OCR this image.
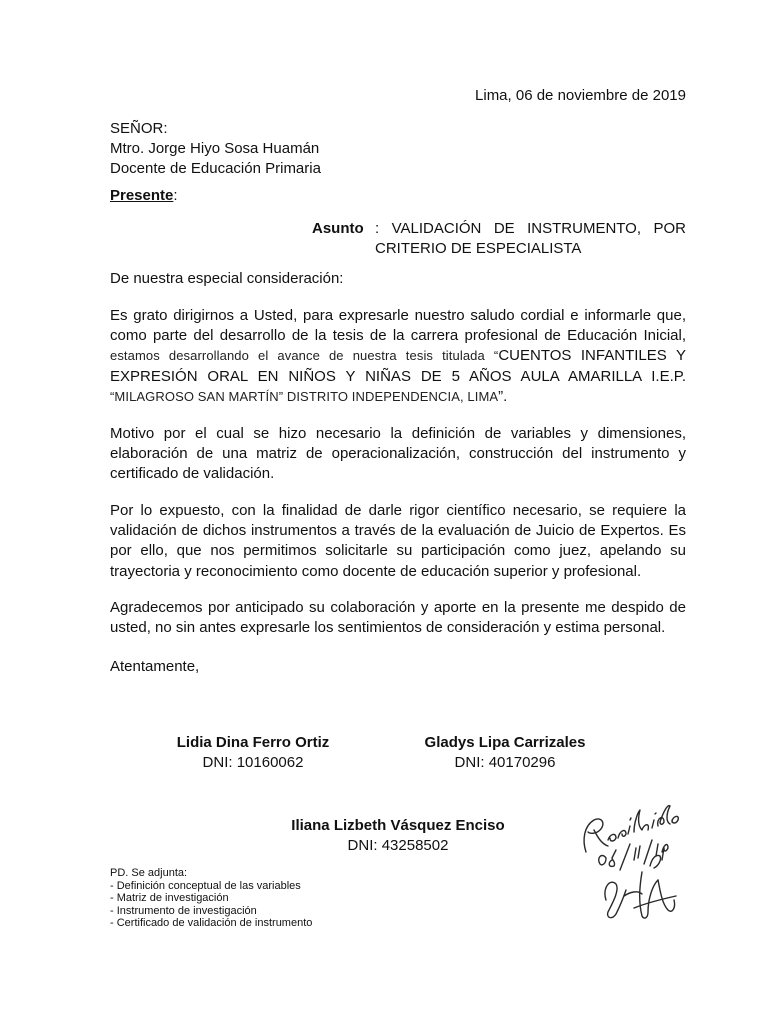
Lima, 06 de noviembre de 2019
SEÑOR:
Mtro. Jorge Hiyo Sosa Huamán
Docente de Educación Primaria
Presente:
Asunto : VALIDACIÓN DE INSTRUMENTO, POR CRITERIO DE ESPECIALISTA
De nuestra especial consideración:
Es grato dirigirnos a Usted, para expresarle nuestro saludo cordial e informarle que, como parte del desarrollo de la tesis de la carrera profesional de Educación Inicial, estamos desarrollando el avance de nuestra tesis titulada “CUENTOS INFANTILES Y EXPRESIÓN ORAL EN NIÑOS Y NIÑAS DE 5 AÑOS AULA AMARILLA I.E.P. “MILAGROSO SAN MARTÍN” DISTRITO INDEPENDENCIA, LIMA”.
Motivo por el cual se hizo necesario la definición de variables y dimensiones, elaboración de una matriz de operacionalización, construcción del instrumento y certificado de validación.
Por lo expuesto, con la finalidad de darle rigor científico necesario, se requiere la validación de dichos instrumentos a través de la evaluación de Juicio de Expertos. Es por ello, que nos permitimos solicitarle su participación como juez, apelando su trayectoria y reconocimiento como docente de educación superior y profesional.
Agradecemos por anticipado su colaboración y aporte en la presente me despido de usted, no sin antes expresarle los sentimientos de consideración y estima personal.
Atentamente,
Lidia Dina Ferro Ortiz
DNI: 10160062
Gladys Lipa Carrizales
DNI: 40170296
Iliana Lizbeth Vásquez Enciso
DNI: 43258502
PD. Se adjunta:
- Definición conceptual de las variables
- Matriz de investigación
- Instrumento de investigación
- Certificado de validación de instrumento
